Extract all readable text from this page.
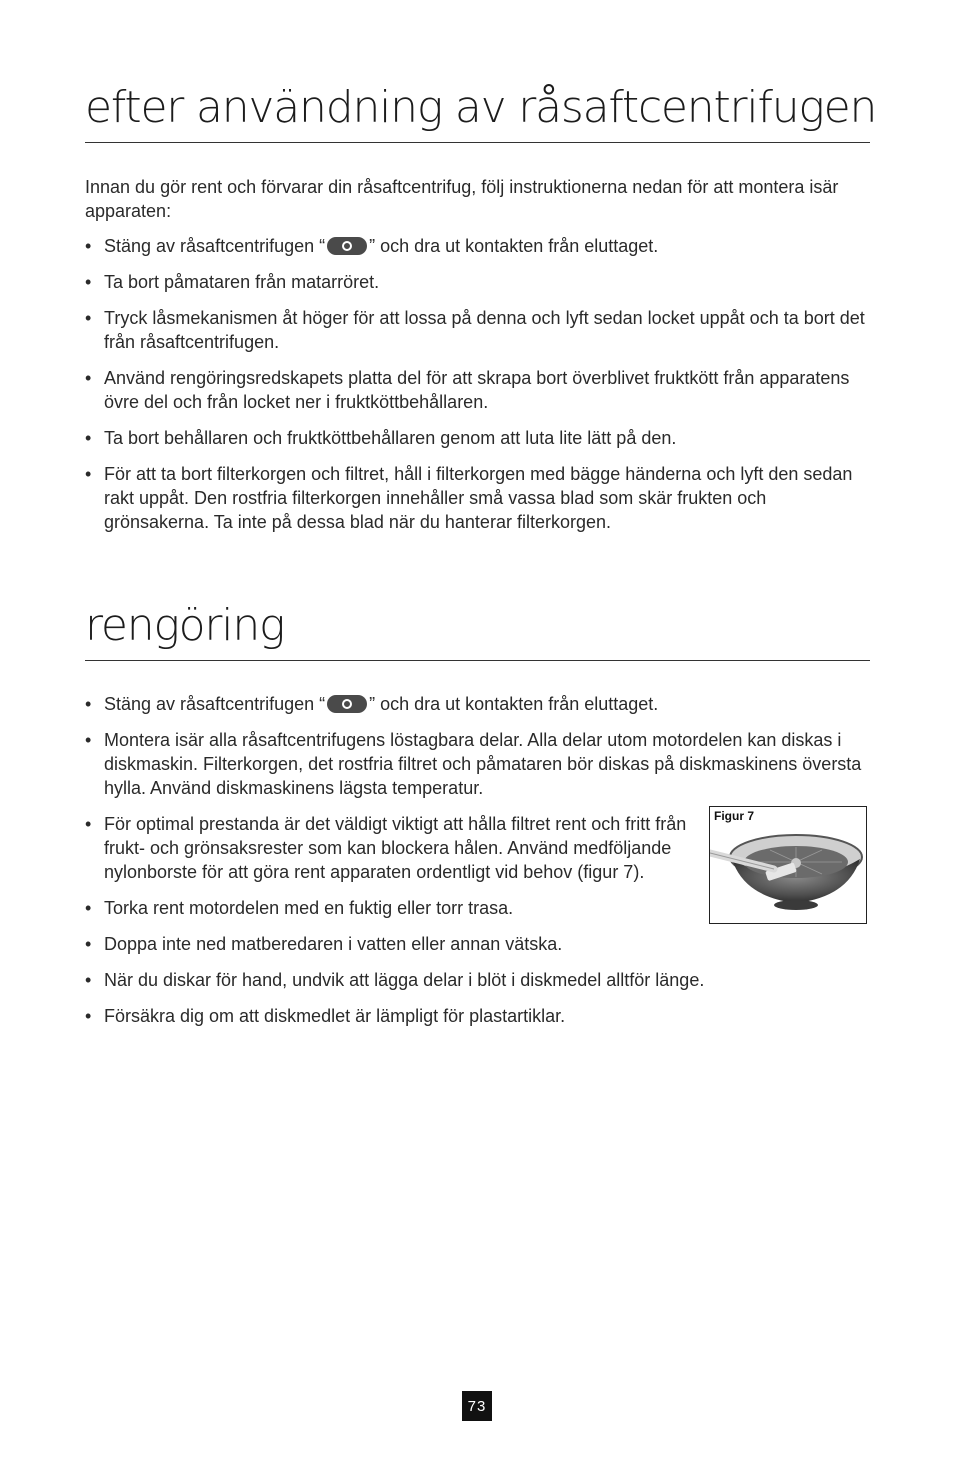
efter användning av råsaftcentrifugen

Innan du gör rent och förvarar din råsaftcentrifug, följ instruktionerna nedan för att montera isär apparaten:

• Stäng av råsaftcentrifugen “ ” och dra ut kontakten från eluttaget.
• Ta bort påmataren från matarröret.
• Tryck låsmekanismen åt höger för att lossa på denna och lyft sedan locket uppåt och ta bort det från råsaftcentrifugen.
• Använd rengöringsredskapets platta del för att skrapa bort överblivet fruktkött från apparatens övre del och från locket ner i fruktköttbehållaren.
• Ta bort behållaren och fruktköttbehållaren genom att luta lite lätt på den.
• För att ta bort filterkorgen och filtret, håll i filterkorgen med bägge händerna och lyft den sedan rakt uppåt. Den rostfria filterkorgen innehåller små vassa blad som skär frukten och grönsakerna. Ta inte på dessa blad när du hanterar filterkorgen.
rengöring
• Stäng av råsaftcentrifugen “ ” och dra ut kontakten från eluttaget.
• Montera isär alla råsaftcentrifugens löstagbara delar. Alla delar utom motordelen kan diskas i diskmaskin. Filterkorgen, det rostfria filtret och påmataren bör diskas på diskmaskinens översta hylla. Använd diskmaskinens lägsta temperatur.
• För optimal prestanda är det väldigt viktigt att hålla filtret rent och fritt från frukt- och grönsaksrester som kan blockera hålen. Använd medföljande nylonborste för att göra rent apparaten ordentligt vid behov (figur 7).
• Torka rent motordelen med en fuktig eller torr trasa.
• Doppa inte ned matberedaren i vatten eller annan vätska.
• När du diskar för hand, undvik att lägga delar i blöt i diskmedel alltför länge.
• Försäkra dig om att diskmedlet är lämpligt för plastartiklar.
Figur 7
73
